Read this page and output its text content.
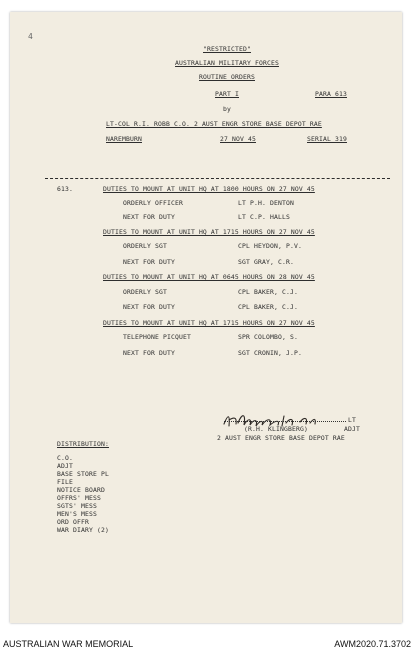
4
"RESTRICTED"
AUSTRALIAN MILITARY FORCES
ROUTINE ORDERS
PART I	PARA 613
by
LT-COL R.I. ROBB C.O. 2 AUST ENGR STORE BASE DEPOT RAE
NAREMBURN	27 NOV 45	SERIAL 319
613.	DUTIES TO MOUNT AT UNIT HQ AT 1800 HOURS ON 27 NOV 45
ORDERLY OFFICER	LT P.H. DENTON
NEXT FOR DUTY	LT C.P. HALLS
DUTIES TO MOUNT AT UNIT HQ AT 1715 HOURS ON 27 NOV 45
ORDERLY SGT	CPL HEYDON, P.V.
NEXT FOR DUTY	SGT GRAY, C.R.
DUTIES TO MOUNT AT UNIT HQ AT 0645 HOURS ON 28 NOV 45
ORDERLY SGT	CPL BAKER, C.J.
NEXT FOR DUTY	CPL BAKER, C.J.
DUTIES TO MOUNT AT UNIT HQ AT 1715 HOURS ON 27 NOV 45
TELEPHONE PICQUET	SPR COLOMBO, S.
NEXT FOR DUTY	SGT CRONIN, J.P.
LT
(R.H. KLINGBERG)	ADJT
2 AUST ENGR STORE BASE DEPOT RAE
DISTRIBUTION:
C.O.
ADJT
BASE STORE PL
FILE
NOTICE BOARD
OFFRS' MESS
SGTS' MESS
MEN'S MESS
ORD OFFR
WAR DIARY (2)
AUSTRALIAN WAR MEMORIAL	AWM2020.71.3702
